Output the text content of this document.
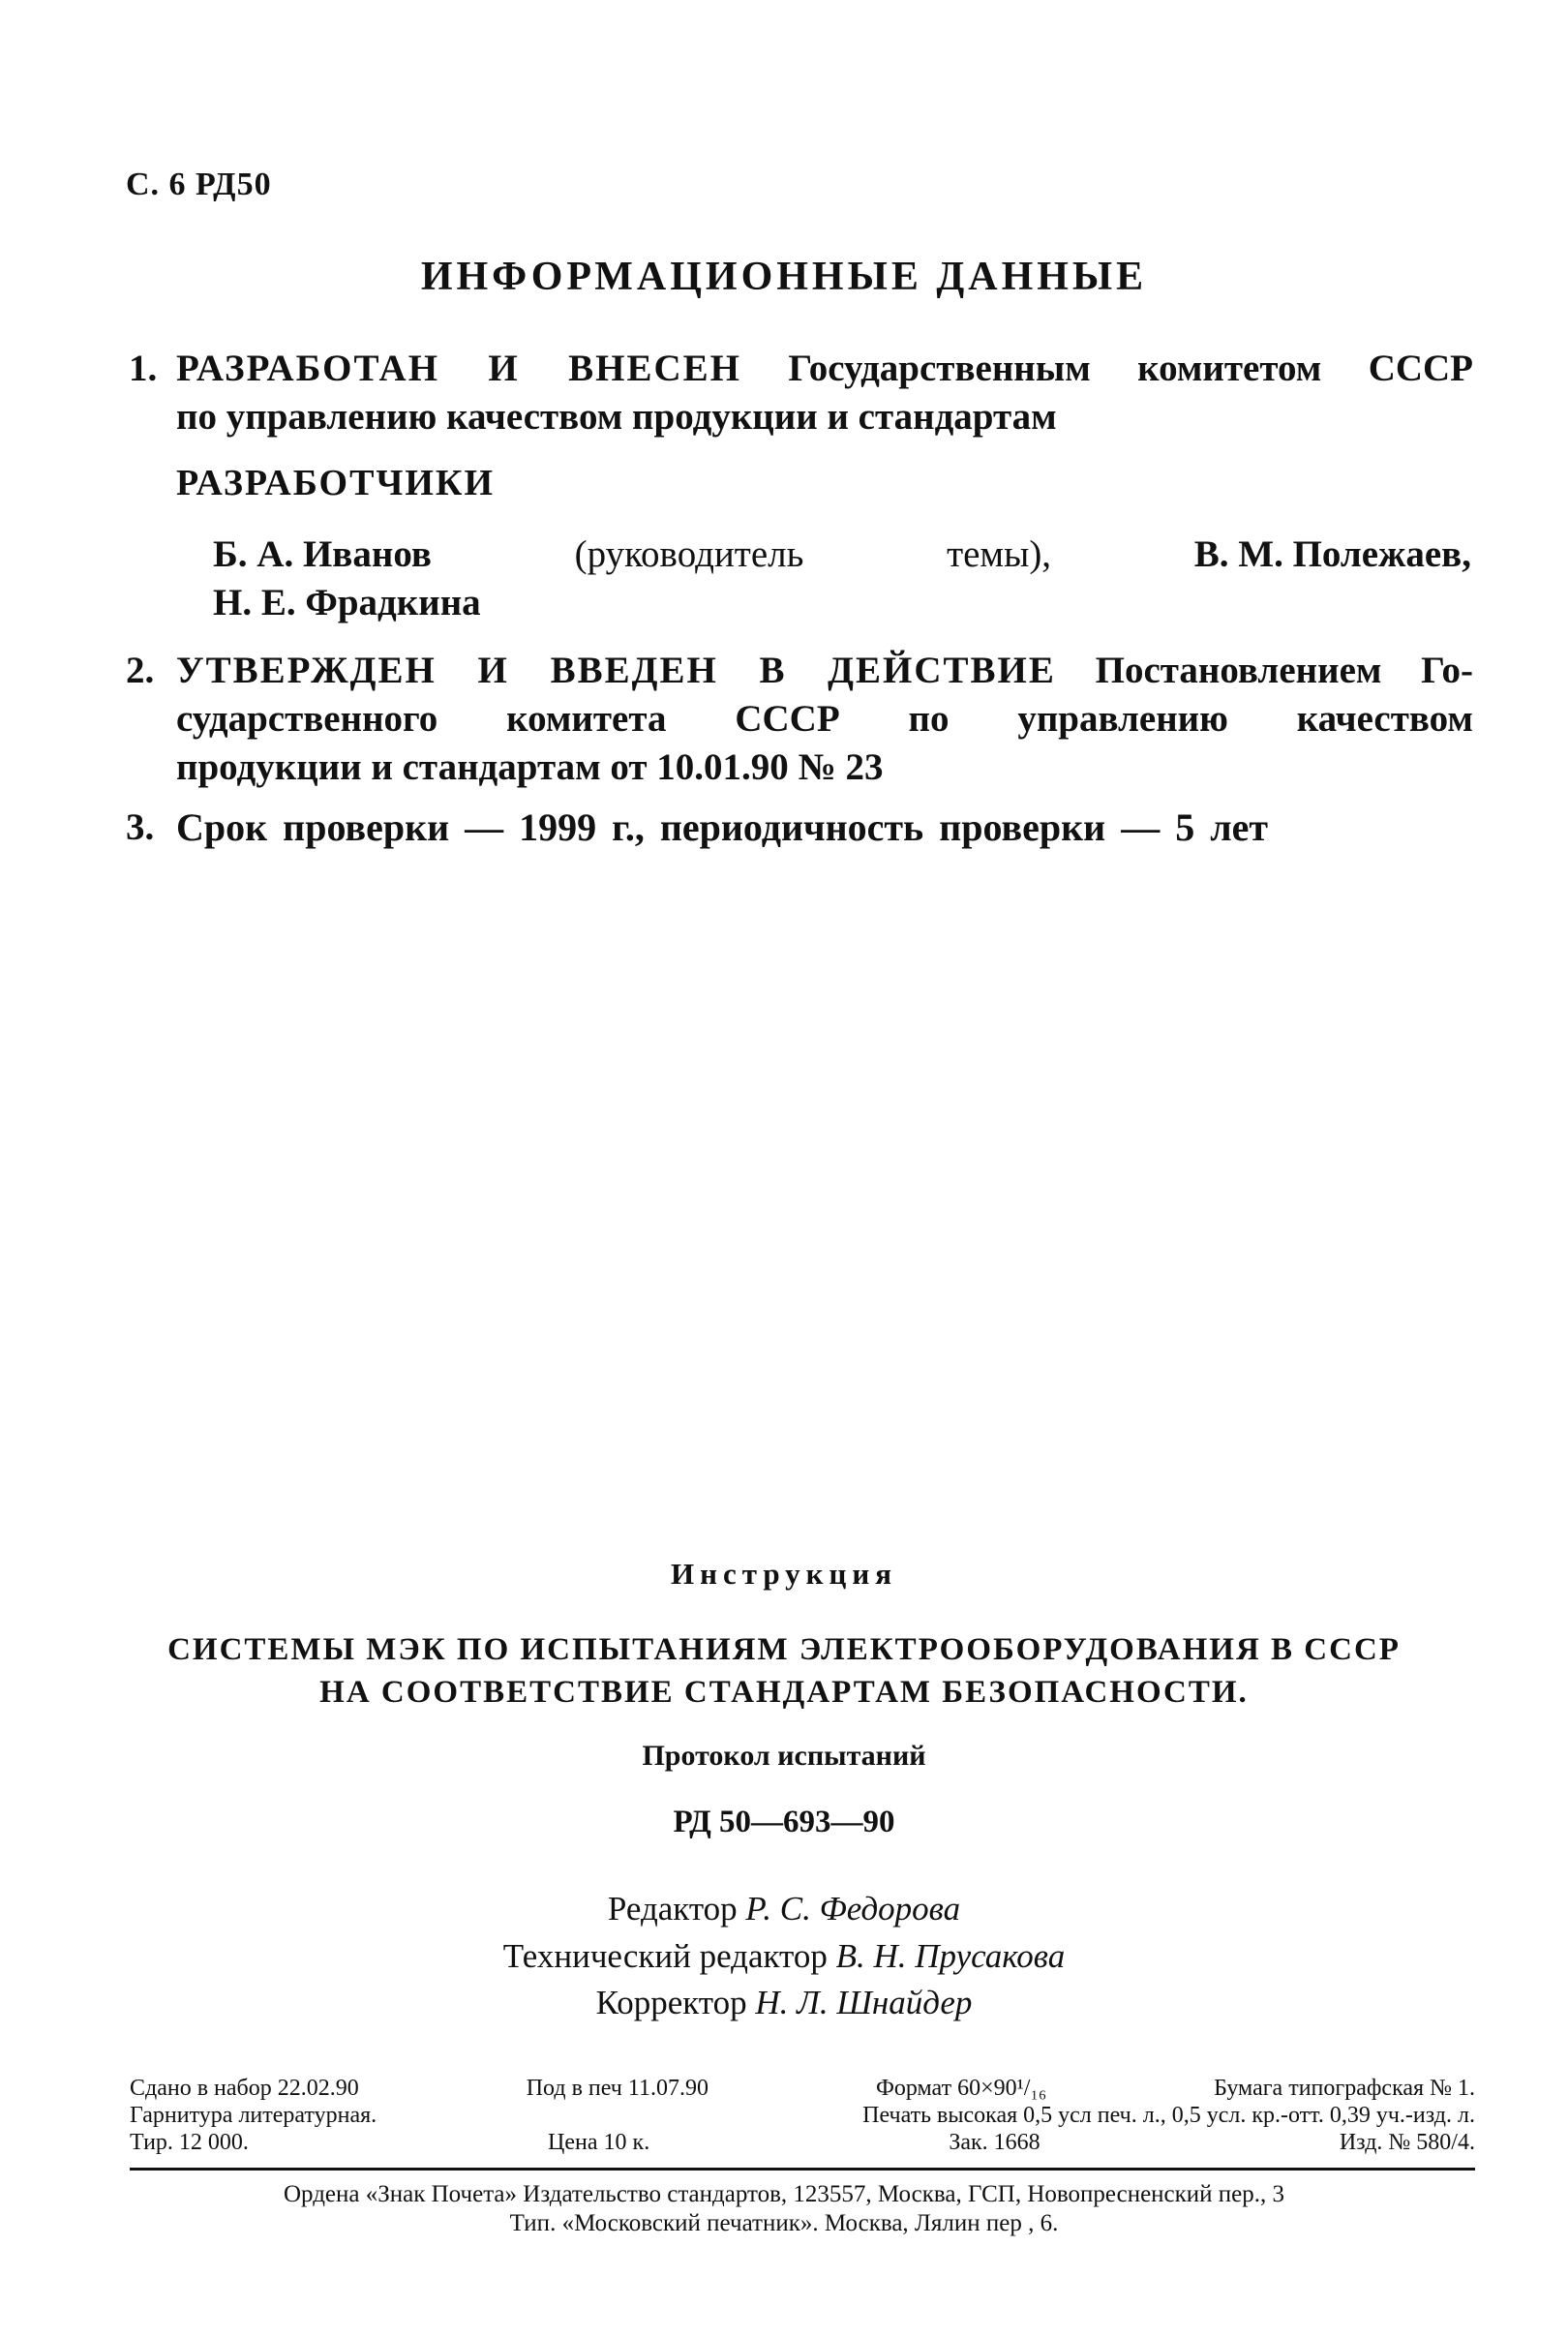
С. 6 РД50
ИНФОРМАЦИОННЫЕ ДАННЫЕ
1. РАЗРАБОТАН И ВНЕСЕН Государственным комитетом СССР
по управлению качеством продукции и стандартам
РАЗРАБОТЧИКИ
Б. А. Иванов	(руководитель	темы),	В. М. Полежаев,
Н. Е. Фрадкина
2. УТВЕРЖДЕН И ВВЕДЕН В ДЕЙСТВИЕ Постановлением Го-
сударственного комитета СССР по управлению качеством
продукции и стандартам от 10.01.90 № 23
3. Срок проверки — 1999 г., периодичность проверки — 5 лет
Инструкция
СИСТЕМЫ МЭК ПО ИСПЫТАНИЯМ ЭЛЕКТРООБОРУДОВАНИЯ В СССР
НА СООТВЕТСТВИЕ СТАНДАРТАМ БЕЗОПАСНОСТИ.
Протокол испытаний
РД 50—693—90
Редактор Р. С. Федорова
Технический редактор В. Н. Прусакова
Корректор Н. Л. Шнайдер
Сдано в набор 22.02.90	Под в печ 11.07.90	Формат 60×90¹/₁₆	Бумага типографская № 1.
Гарнитура литературная.	Печать высокая 0,5 усл печ. л., 0,5 усл. кр.-отт. 0,39 уч.-изд. л.
Тир. 12 000.	Цена 10 к.	Зак. 1668	Изд. № 580/4.
Ордена «Знак Почета» Издательство стандартов, 123557, Москва, ГСП, Новопресненский пер., 3
Тип. «Московский печатник». Москва, Лялин пер , 6.
